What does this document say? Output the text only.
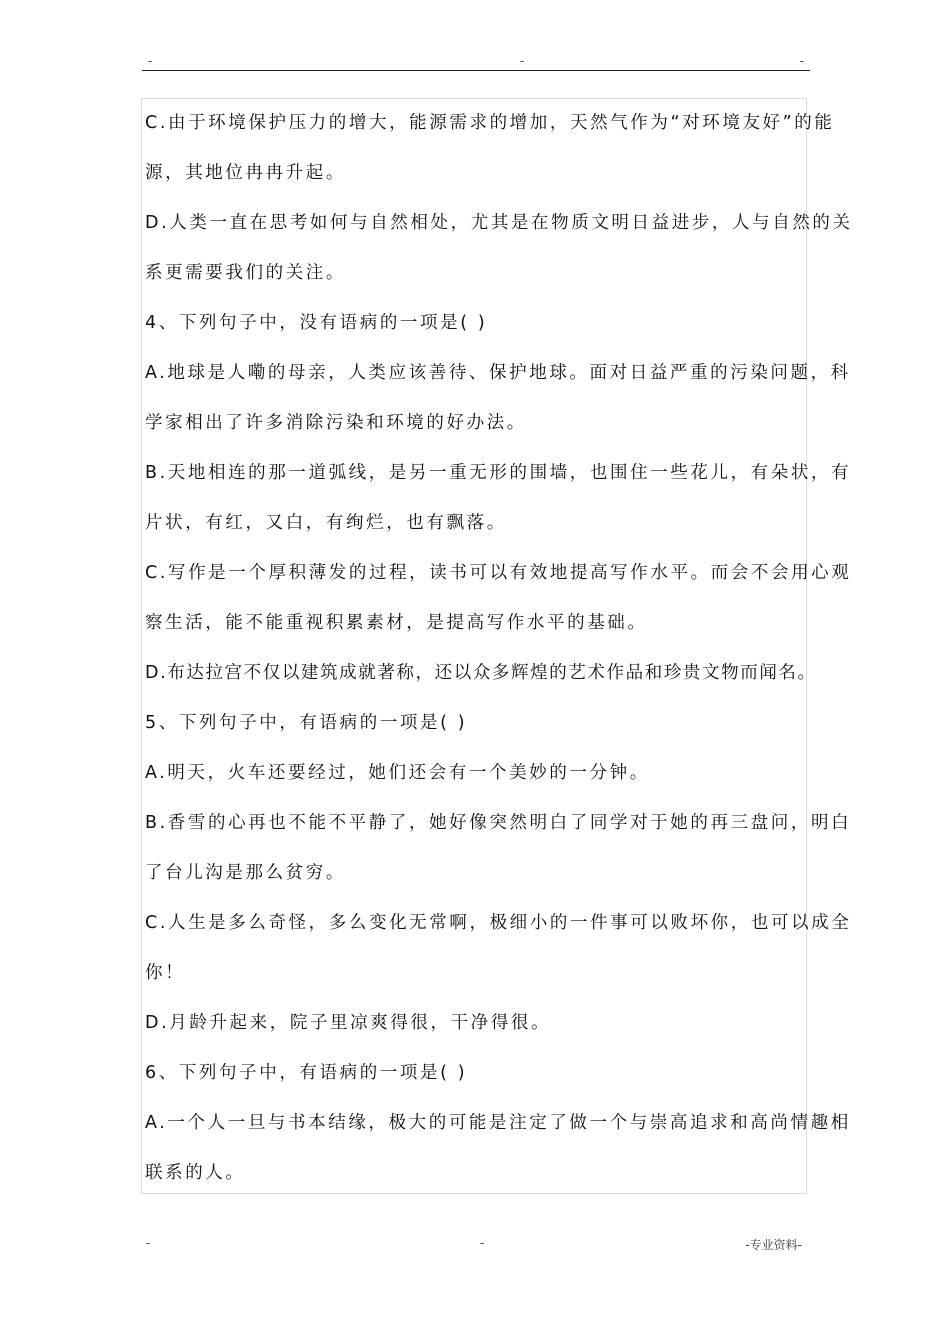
-	-	-
C.由于环境保护压力的增大，能源需求的增加，天然气作为“对环境友好”的能
源，其地位冉冉升起。
D.人类一直在思考如何与自然相处，尤其是在物质文明日益进步，人与自然的关
系更需要我们的关注。
4、下列句子中，没有语病的一项是( )
A.地球是人嘞的母亲，人类应该善待、保护地球。面对日益严重的污染问题，科
学家相出了许多消除污染和环境的好办法。
B.天地相连的那一道弧线，是另一重无形的围墙，也围住一些花儿，有朵状，有
片状，有红，又白，有绚烂，也有飘落。
C.写作是一个厚积薄发的过程，读书可以有效地提高写作水平。而会不会用心观
察生活，能不能重视积累素材，是提高写作水平的基础。
D.布达拉宫不仅以建筑成就著称，还以众多辉煌的艺术作品和珍贵文物而闻名。
5、下列句子中，有语病的一项是( )
A.明天，火车还要经过，她们还会有一个美妙的一分钟。
B.香雪的心再也不能不平静了，她好像突然明白了同学对于她的再三盘问，明白
了台儿沟是那么贫穷。
C.人生是多么奇怪，多么变化无常啊，极细小的一件事可以败坏你，也可以成全
你！
D.月龄升起来，院子里凉爽得很，干净得很。
6、下列句子中，有语病的一项是( )
A.一个人一旦与书本结缘，极大的可能是注定了做一个与崇高追求和高尚情趣相
联系的人。
-	-	-专业资料-
